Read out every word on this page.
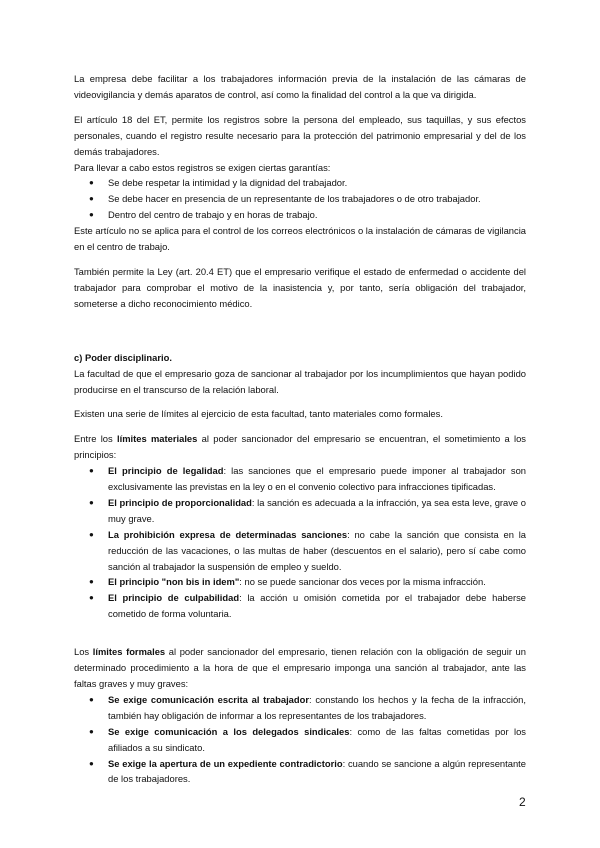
La empresa debe facilitar a los trabajadores información previa de la instalación de las cámaras de videovigilancia y demás aparatos de control, así como la finalidad del control a la que va dirigida.

El artículo 18 del ET, permite los registros sobre la persona del empleado, sus taquillas, y sus efectos personales, cuando el registro resulte necesario para la protección del patrimonio empresarial y del de los demás trabajadores.

Para llevar a cabo estos registros se exigen ciertas garantías:

● Se debe respetar la intimidad y la dignidad del trabajador.
● Se debe hacer en presencia de un representante de los trabajadores o de otro trabajador.
● Dentro del centro de trabajo y en horas de trabajo.

Este artículo no se aplica para el control de los correos electrónicos o la instalación de cámaras de vigilancia en el centro de trabajo.

También permite la Ley (art. 20.4 ET) que el empresario verifique el estado de enfermedad o accidente del trabajador para comprobar el motivo de la inasistencia y, por tanto, sería obligación del trabajador, someterse a dicho reconocimiento médico.

c) Poder disciplinario.

La facultad de que el empresario goza de sancionar al trabajador por los incumplimientos que hayan podido producirse en el transcurso de la relación laboral.

Existen una serie de límites al ejercicio de esta facultad, tanto materiales como formales.

Entre los límites materiales al poder sancionador del empresario se encuentran, el sometimiento a los principios:

● El principio de legalidad: las sanciones que el empresario puede imponer al trabajador son exclusivamente las previstas en la ley o en el convenio colectivo para infracciones tipificadas.
● El principio de proporcionalidad: la sanción es adecuada a la infracción, ya sea esta leve, grave o muy grave.
● La prohibición expresa de determinadas sanciones: no cabe la sanción que consista en la reducción de las vacaciones, o las multas de haber (descuentos en el salario), pero sí cabe como sanción al trabajador la suspensión de empleo y sueldo.
● El principio "non bis in idem": no se puede sancionar dos veces por la misma infracción.
● El principio de culpabilidad: la acción u omisión cometida por el trabajador debe haberse cometido de forma voluntaria.

Los límites formales al poder sancionador del empresario, tienen relación con la obligación de seguir un determinado procedimiento a la hora de que el empresario imponga una sanción al trabajador, ante las faltas graves y muy graves:

● Se exige comunicación escrita al trabajador: constando los hechos y la fecha de la infracción, también hay obligación de informar a los representantes de los trabajadores.
● Se exige comunicación a los delegados sindicales: como de las faltas cometidas por los afiliados a su sindicato.
● Se exige la apertura de un expediente contradictorio: cuando se sancione a algún representante de los trabajadores.
2
